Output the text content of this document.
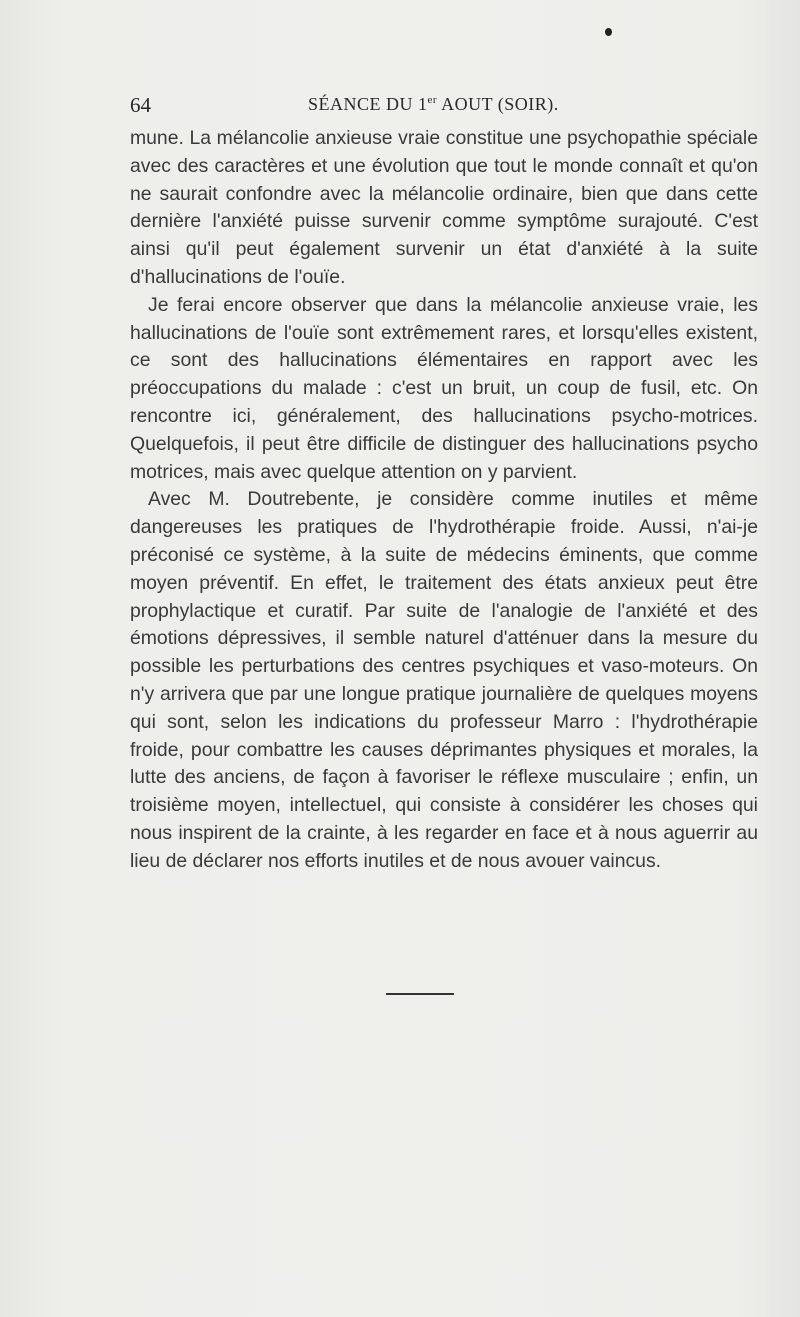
64	SÉANCE DU 1er AOUT (SOIR).

mune. La mélancolie anxieuse vraie constitue une psychopathie spéciale avec des caractères et une évolution que tout le monde connaît et qu'on ne saurait confondre avec la mélancolie ordinaire, bien que dans cette dernière l'anxiété puisse survenir comme symptôme surajouté. C'est ainsi qu'il peut également survenir un état d'anxiété à la suite d'hallucinations de l'ouïe.

Je ferai encore observer que dans la mélancolie anxieuse vraie, les hallucinations de l'ouïe sont extrêmement rares, et lorsqu'elles existent, ce sont des hallucinations élémentaires en rapport avec les préoccupations du malade : c'est un bruit, un coup de fusil, etc. On rencontre ici, généralement, des hallucinations psycho-motrices. Quelquefois, il peut être difficile de distinguer des hallucinations psycho motrices, mais avec quelque attention on y parvient.

Avec M. Doutrebente, je considère comme inutiles et même dangereuses les pratiques de l'hydrothérapie froide. Aussi, n'ai-je préconisé ce système, à la suite de médecins éminents, que comme moyen préventif. En effet, le traitement des états anxieux peut être prophylactique et curatif. Par suite de l'analogie de l'anxiété et des émotions dépressives, il semble naturel d'atténuer dans la mesure du possible les perturbations des centres psychiques et vaso-moteurs. On n'y arrivera que par une longue pratique journalière de quelques moyens qui sont, selon les indications du professeur Marro : l'hydrothérapie froide, pour combattre les causes déprimantes physiques et morales, la lutte des anciens, de façon à favoriser le réflexe musculaire ; enfin, un troisième moyen, intellectuel, qui consiste à considérer les choses qui nous inspirent de la crainte, à les regarder en face et à nous aguerrir au lieu de déclarer nos efforts inutiles et de nous avouer vaincus.
